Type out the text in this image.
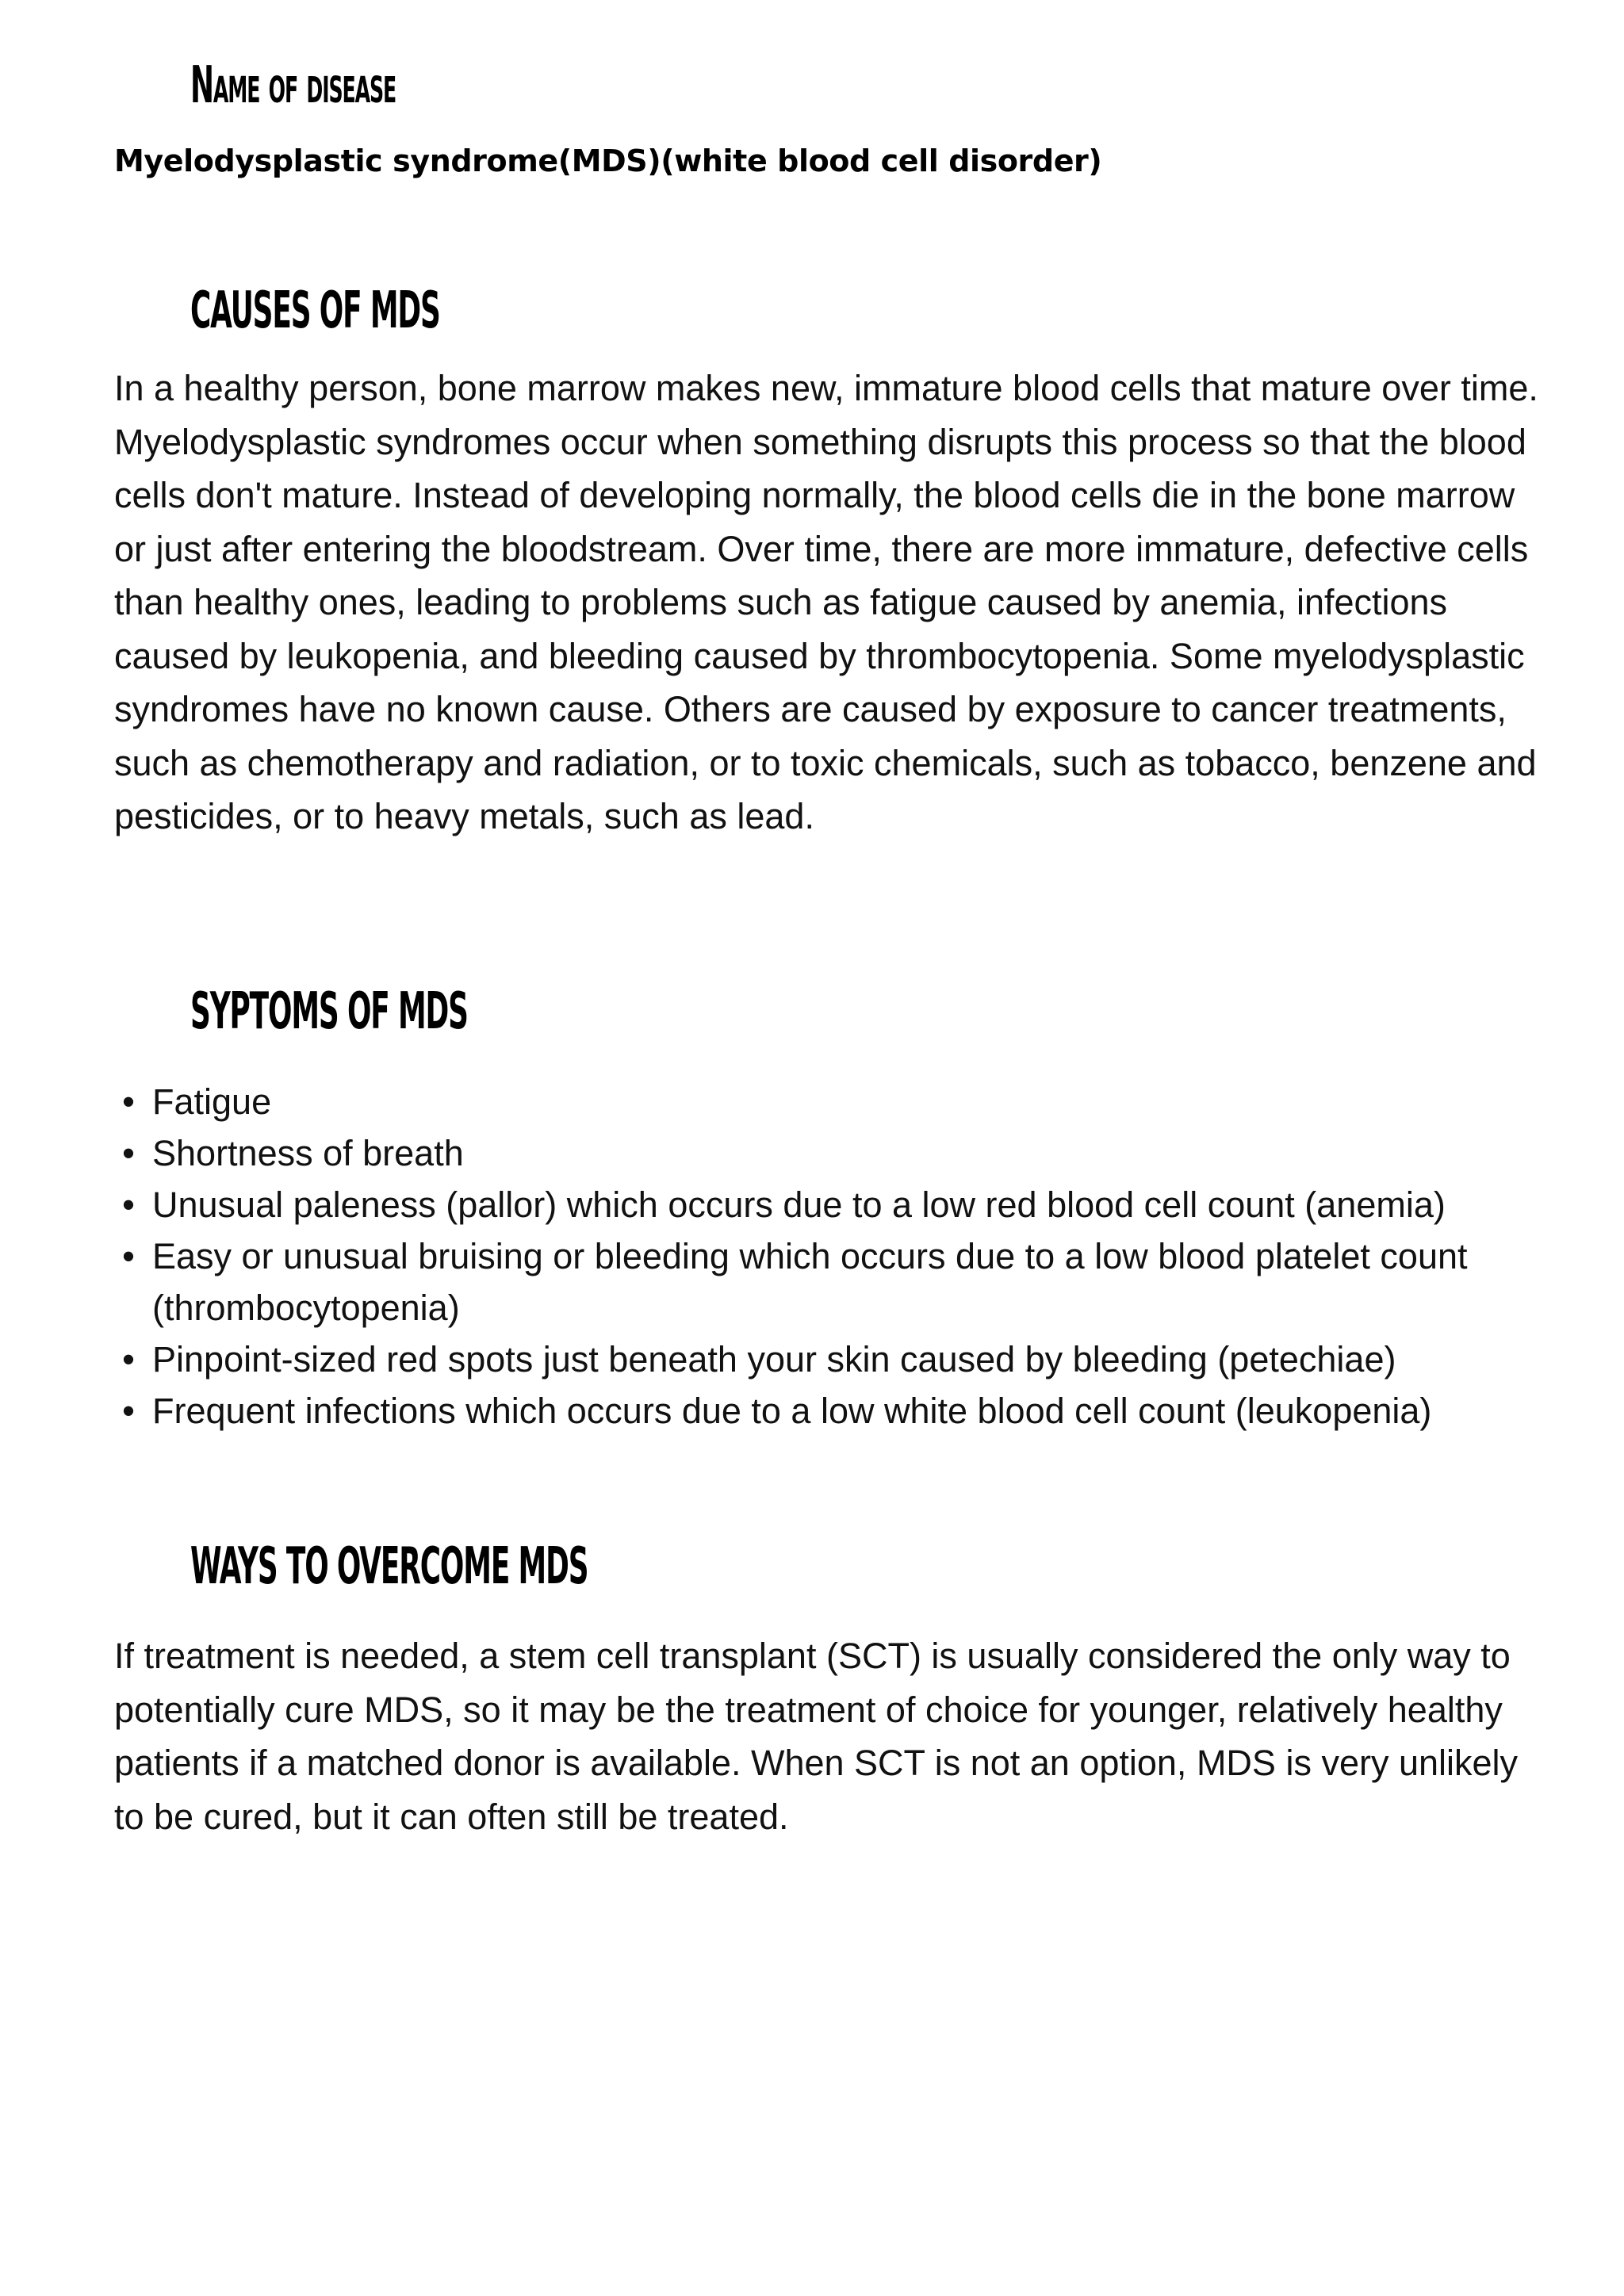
Name of disease
Myelodysplastic syndrome(MDS)(white blood cell disorder)
CAUSES OF MDS

In a healthy person, bone marrow makes new, immature blood cells that mature over time. Myelodysplastic syndromes occur when something disrupts this process so that the blood cells don't mature. Instead of developing normally, the blood cells die in the bone marrow or just after entering the bloodstream. Over time, there are more immature, defective cells than healthy ones, leading to problems such as fatigue caused by anemia, infections caused by leukopenia, and bleeding caused by thrombocytopenia. Some myelodysplastic syndromes have no known cause. Others are caused by exposure to cancer treatments, such as chemotherapy and radiation, or to toxic chemicals, such as tobacco, benzene and pesticides, or to heavy metals, such as lead.

SYPTOMS OF MDS
• Fatigue
• Shortness of breath
• Unusual paleness (pallor) which occurs due to a low red blood cell count (anemia)
• Easy or unusual bruising or bleeding which occurs due to a low blood platelet count (thrombocytopenia)
• Pinpoint-sized red spots just beneath your skin caused by bleeding (petechiae)
• Frequent infections which occurs due to a low white blood cell count (leukopenia)
WAYS TO OVERCOME MDS

If treatment is needed, a stem cell transplant (SCT) is usually considered the only way to potentially cure MDS, so it may be the treatment of choice for younger, relatively healthy patients if a matched donor is available. When SCT is not an option, MDS is very unlikely to be cured, but it can often still be treated.
